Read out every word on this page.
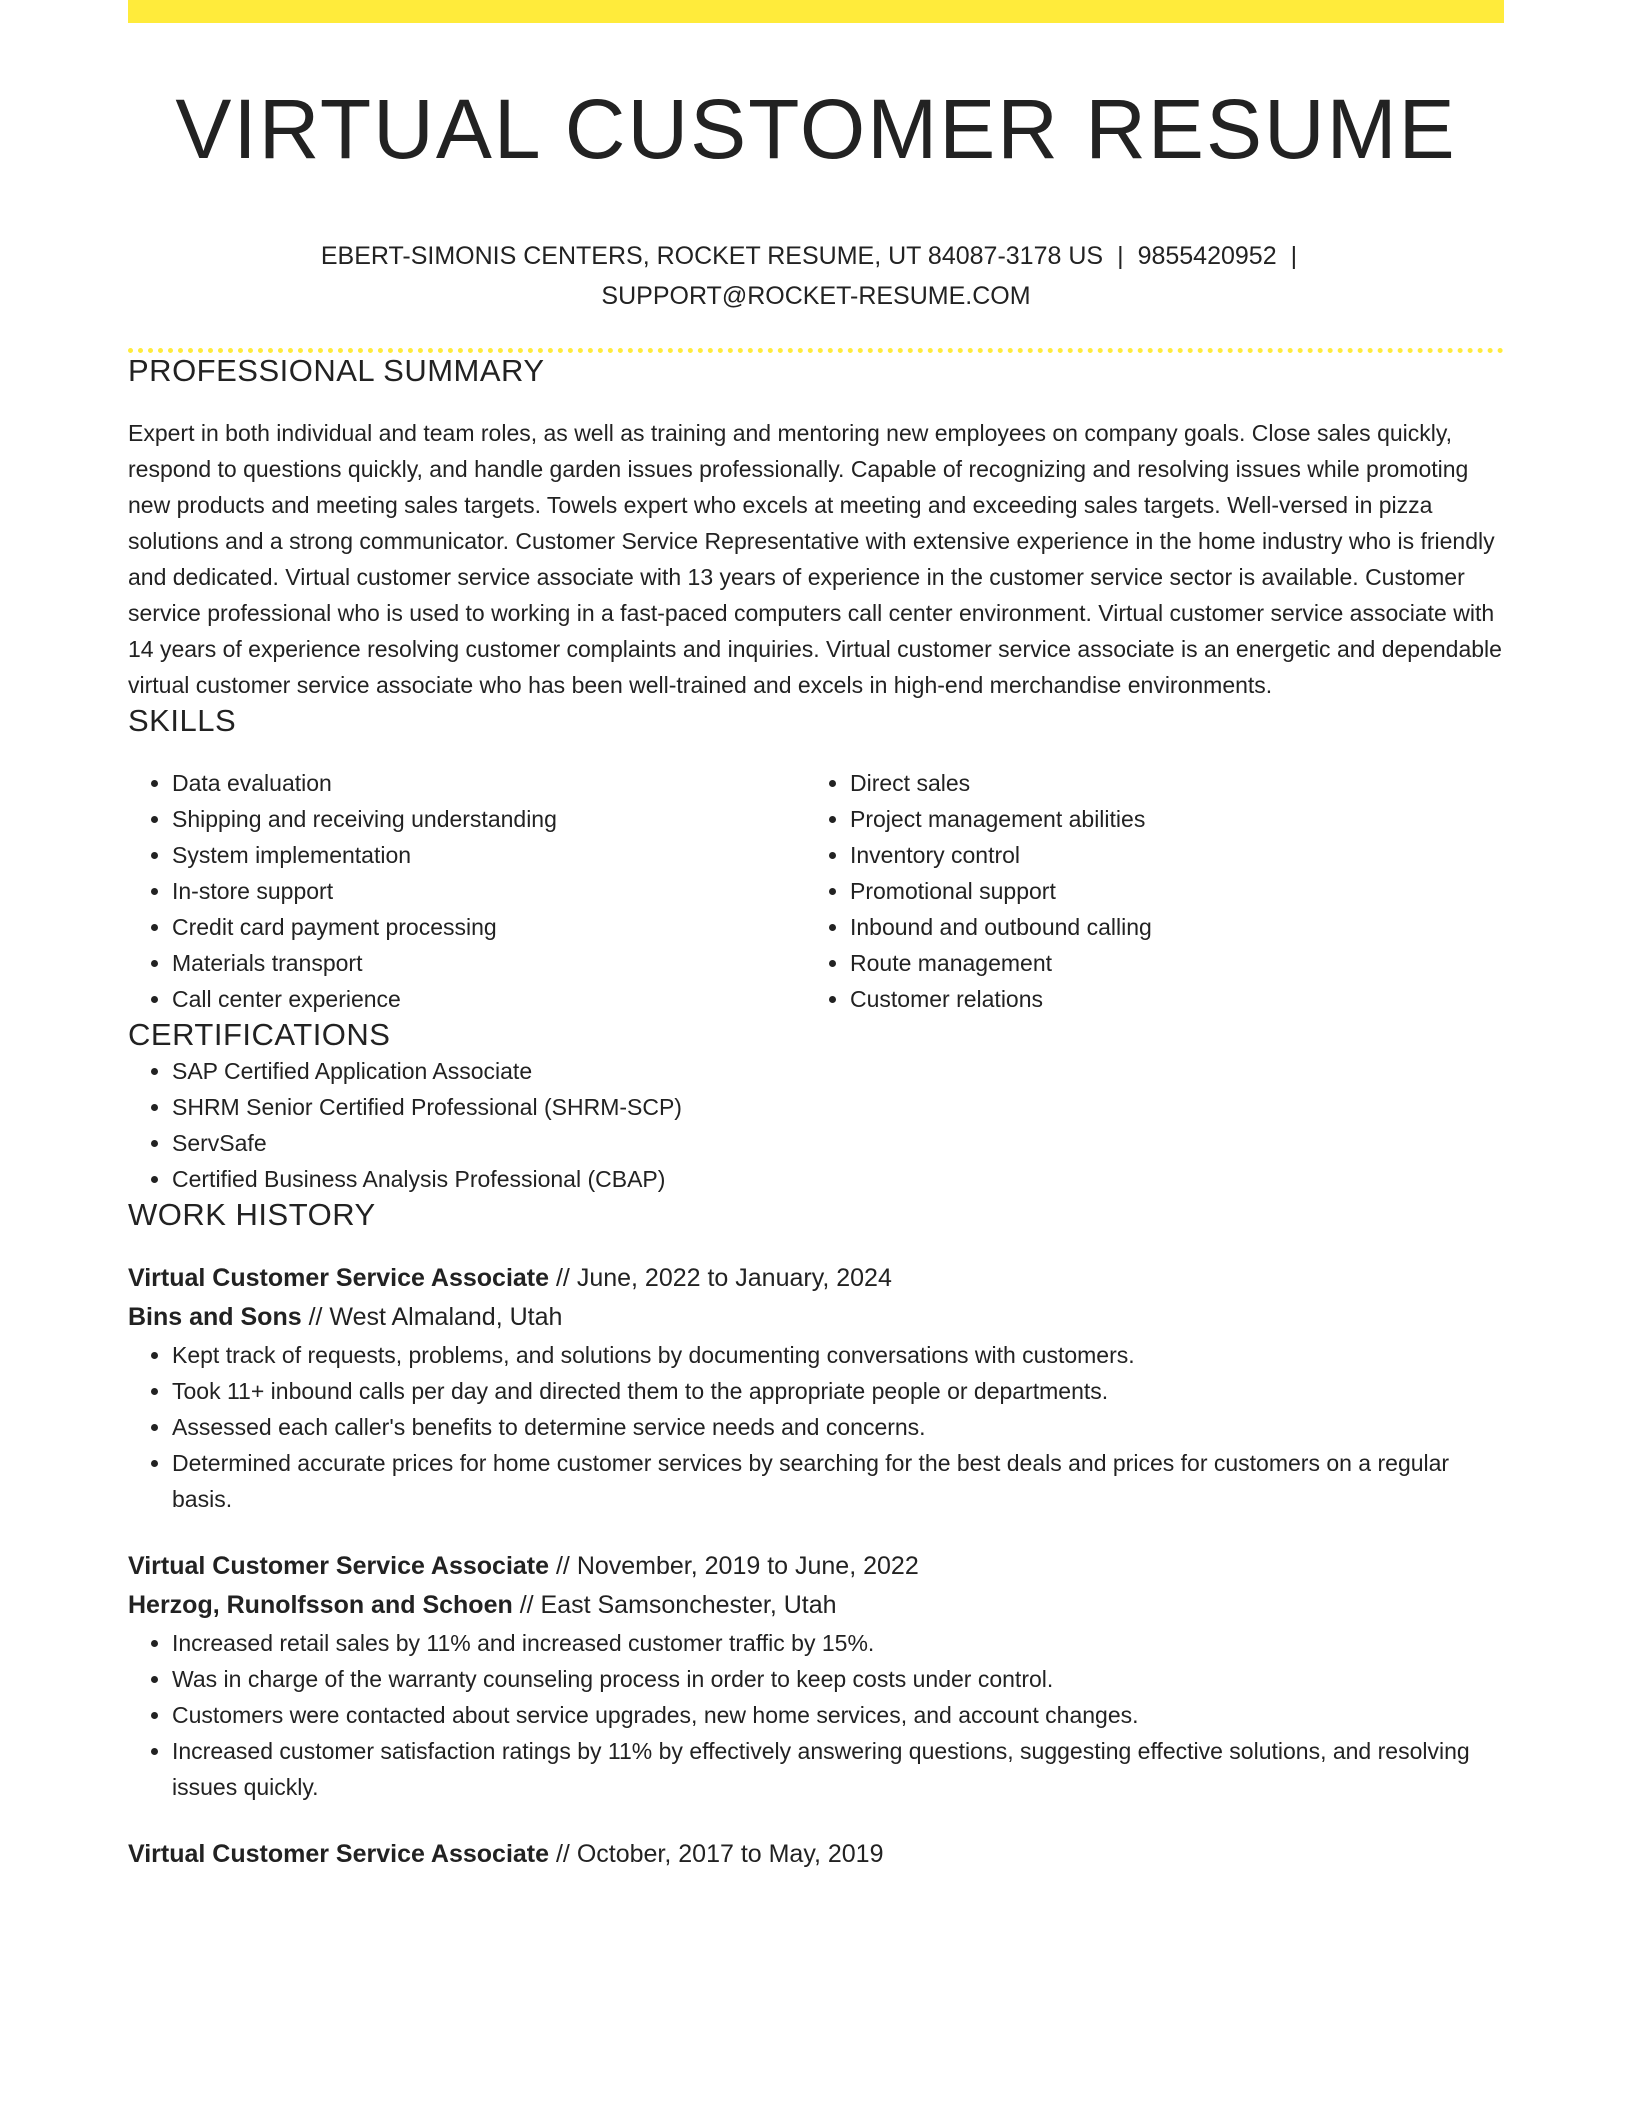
VIRTUAL CUSTOMER RESUME
EBERT-SIMONIS CENTERS, ROCKET RESUME, UT 84087-3178 US | 9855420952 |
SUPPORT@ROCKET-RESUME.COM
PROFESSIONAL SUMMARY

Expert in both individual and team roles, as well as training and mentoring new employees on company goals. Close sales quickly, respond to questions quickly, and handle garden issues professionally. Capable of recognizing and resolving issues while promoting new products and meeting sales targets. Towels expert who excels at meeting and exceeding sales targets. Well-versed in pizza solutions and a strong communicator. Customer Service Representative with extensive experience in the home industry who is friendly and dedicated. Virtual customer service associate with 13 years of experience in the customer service sector is available. Customer service professional who is used to working in a fast-paced computers call center environment. Virtual customer service associate with 14 years of experience resolving customer complaints and inquiries. Virtual customer service associate is an energetic and dependable virtual customer service associate who has been well-trained and excels in high-end merchandise environments.

SKILLS
• Data evaluation
• Shipping and receiving understanding
• System implementation
• In-store support
• Credit card payment processing
• Materials transport
• Call center experience
• Direct sales
• Project management abilities
• Inventory control
• Promotional support
• Inbound and outbound calling
• Route management
• Customer relations
CERTIFICATIONS
• SAP Certified Application Associate
• SHRM Senior Certified Professional (SHRM-SCP)
• ServSafe
• Certified Business Analysis Professional (CBAP)
WORK HISTORY
Virtual Customer Service Associate // June, 2022 to January, 2024
Bins and Sons // West Almaland, Utah
• Kept track of requests, problems, and solutions by documenting conversations with customers.
• Took 11+ inbound calls per day and directed them to the appropriate people or departments.
• Assessed each caller's benefits to determine service needs and concerns.
• Determined accurate prices for home customer services by searching for the best deals and prices for customers on a regular basis.
Virtual Customer Service Associate // November, 2019 to June, 2022
Herzog, Runolfsson and Schoen // East Samsonchester, Utah
• Increased retail sales by 11% and increased customer traffic by 15%.
• Was in charge of the warranty counseling process in order to keep costs under control.
• Customers were contacted about service upgrades, new home services, and account changes.
• Increased customer satisfaction ratings by 11% by effectively answering questions, suggesting effective solutions, and resolving issues quickly.
Virtual Customer Service Associate // October, 2017 to May, 2019
